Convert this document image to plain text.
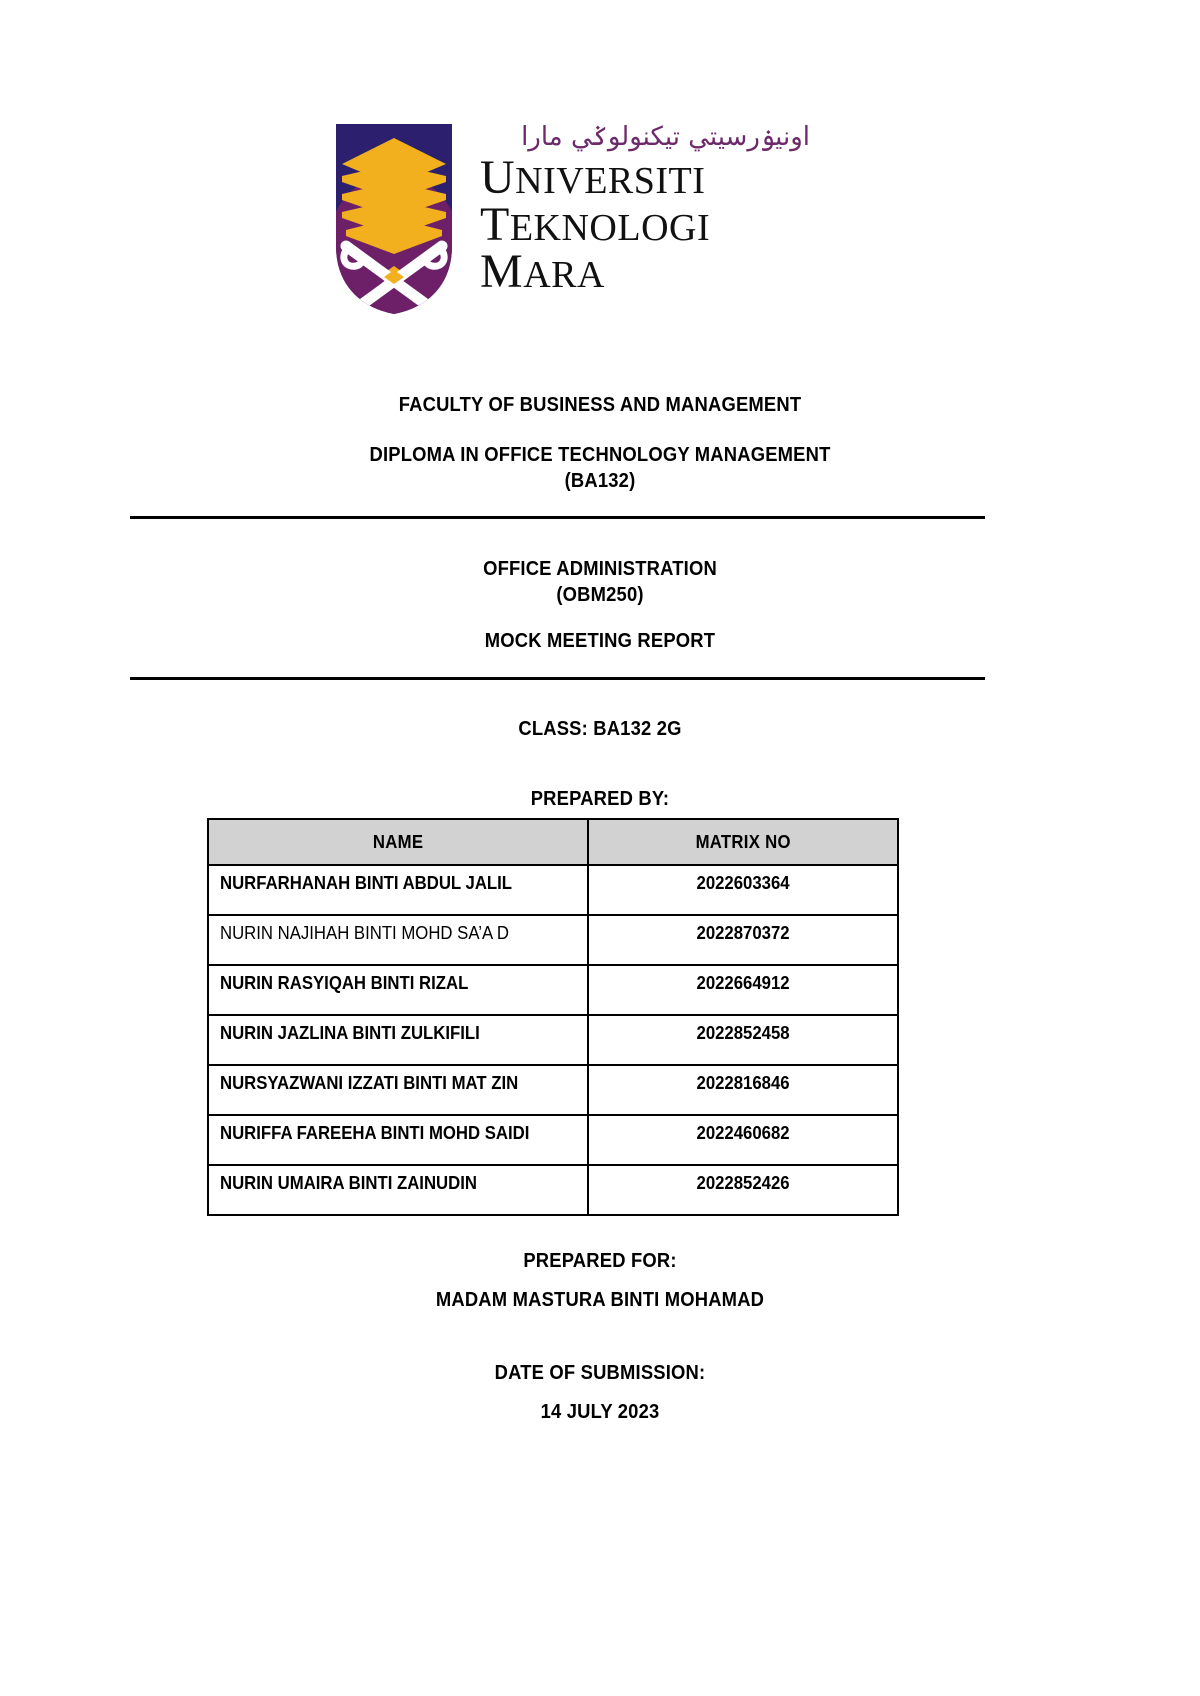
اونيۏرسيتي تيكنولوݢي مارا
UNIVERSITI
TEKNOLOGI
MARA
FACULTY OF BUSINESS AND MANAGEMENT
DIPLOMA IN OFFICE TECHNOLOGY MANAGEMENT
(BA132)
OFFICE ADMINISTRATION
(OBM250)
MOCK MEETING REPORT
CLASS: BA132 2G
PREPARED BY:
NAME	MATRIX NO
NURFARHANAH BINTI ABDUL JALIL	2022603364
NURIN NAJIHAH BINTI MOHD SA’A D	2022870372
NURIN RASYIQAH BINTI RIZAL	2022664912
NURIN JAZLINA BINTI ZULKIFILI	2022852458
NURSYAZWANI IZZATI BINTI MAT ZIN	2022816846
NURIFFA FAREEHA BINTI MOHD SAIDI	2022460682
NURIN UMAIRA BINTI ZAINUDIN	2022852426
PREPARED FOR:
MADAM MASTURA BINTI MOHAMAD
DATE OF SUBMISSION:
14 JULY 2023
